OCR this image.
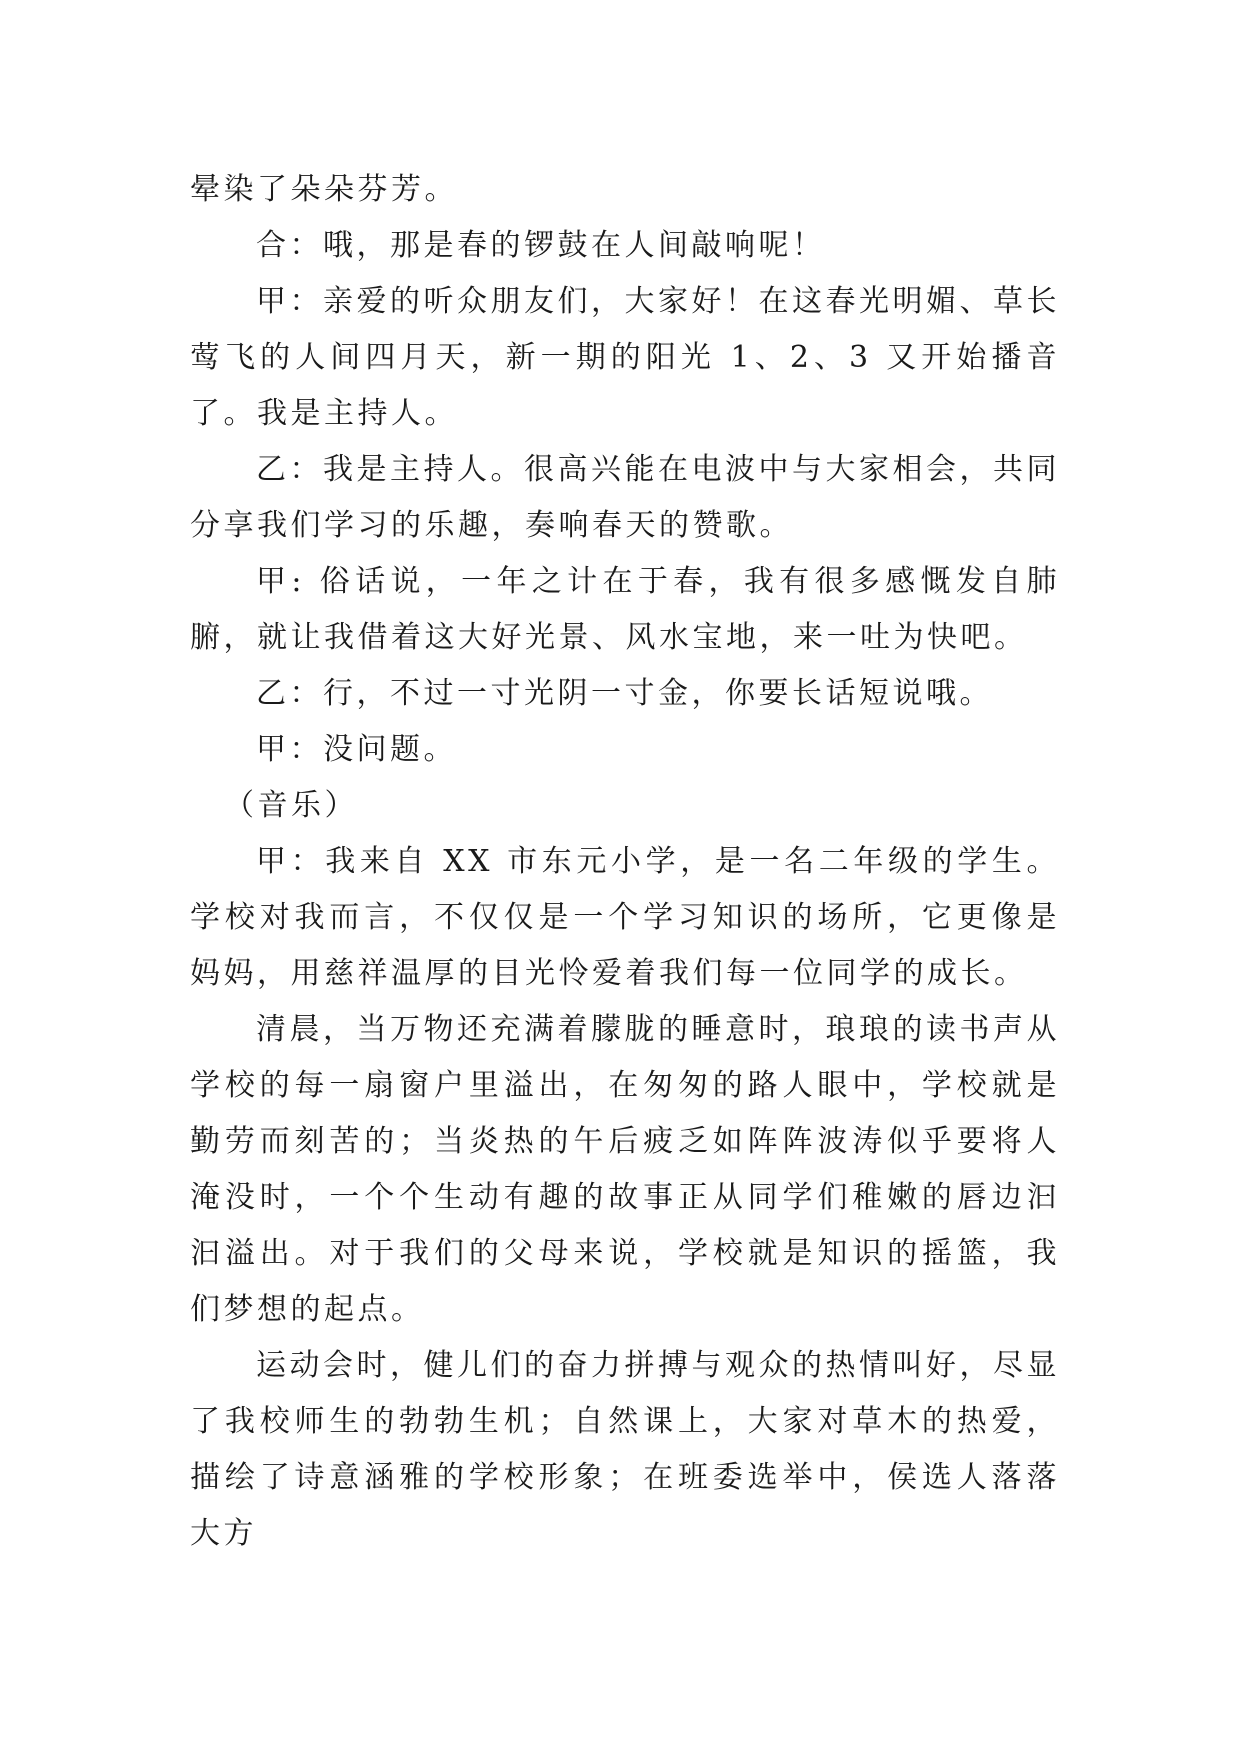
晕染了朵朵芬芳。

合：哦，那是春的锣鼓在人间敲响呢！

甲：亲爱的听众朋友们，大家好！在这春光明媚、草长莺飞的人间四月天，新一期的阳光 1、2、3 又开始播音了。我是主持人。

乙：我是主持人。很高兴能在电波中与大家相会，共同分享我们学习的乐趣，奏响春天的赞歌。

甲: 俗话说，一年之计在于春，我有很多感慨发自肺腑，就让我借着这大好光景、风水宝地，来一吐为快吧。

乙：行，不过一寸光阴一寸金，你要长话短说哦。

甲：没问题。

（音乐）

甲：我来自 XX 市东元小学，是一名二年级的学生。学校对我而言，不仅仅是一个学习知识的场所，它更像是妈妈，用慈祥温厚的目光怜爱着我们每一位同学的成长。

清晨，当万物还充满着朦胧的睡意时，琅琅的读书声从学校的每一扇窗户里溢出，在匆匆的路人眼中，学校就是勤劳而刻苦的；当炎热的午后疲乏如阵阵波涛似乎要将人淹没时，一个个生动有趣的故事正从同学们稚嫩的唇边汩汩溢出。对于我们的父母来说，学校就是知识的摇篮，我们梦想的起点。

运动会时，健儿们的奋力拼搏与观众的热情叫好，尽显了我校师生的勃勃生机；自然课上，大家对草木的热爱，描绘了诗意涵雅的学校形象；在班委选举中，侯选人落落大方
